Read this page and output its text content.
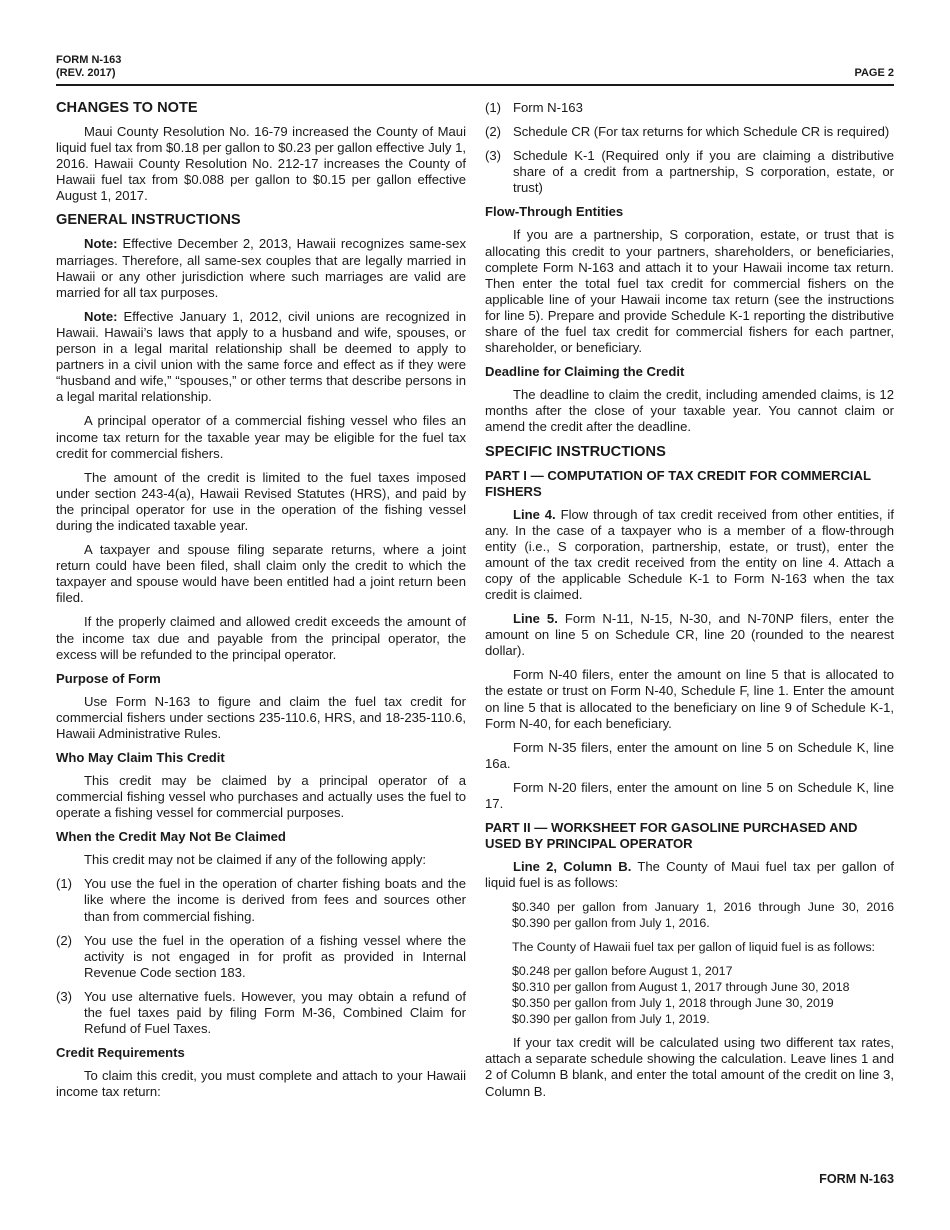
FORM N-163
(REV. 2017)	PAGE 2
CHANGES TO NOTE

Maui County Resolution No. 16-79 increased the County of Maui liquid fuel tax from $0.18 per gallon to $0.23 per gallon effective July 1, 2016. Hawaii County Resolution No. 212-17 increases the County of Hawaii fuel tax from $0.088 per gallon to $0.15 per gallon effective August 1, 2017.

GENERAL INSTRUCTIONS

Note: Effective December 2, 2013, Hawaii recognizes same-sex marriages. Therefore, all same-sex couples that are legally married in Hawaii or any other jurisdiction where such marriages are valid are married for all tax purposes.

Note: Effective January 1, 2012, civil unions are recognized in Hawaii. Hawaii’s laws that apply to a husband and wife, spouses, or person in a legal marital relationship shall be deemed to apply to partners in a civil union with the same force and effect as if they were “husband and wife,” “spouses,” or other terms that describe persons in a legal marital relationship.

A principal operator of a commercial fishing vessel who files an income tax return for the taxable year may be eligible for the fuel tax credit for commercial fishers.

The amount of the credit is limited to the fuel taxes imposed under section 243-4(a), Hawaii Revised Statutes (HRS), and paid by the principal operator for use in the operation of the fishing vessel during the indicated taxable year.

A taxpayer and spouse filing separate returns, where a joint return could have been filed, shall claim only the credit to which the taxpayer and spouse would have been entitled had a joint return been filed.

If the properly claimed and allowed credit exceeds the amount of the income tax due and payable from the principal operator, the excess will be refunded to the principal operator.

Purpose of Form

Use Form N-163 to figure and claim the fuel tax credit for commercial fishers under sections 235-110.6, HRS, and 18-235-110.6, Hawaii Administrative Rules.

Who May Claim This Credit

This credit may be claimed by a principal operator of a commercial fishing vessel who purchases and actually uses the fuel to operate a fishing vessel for commercial purposes.

When the Credit May Not Be Claimed

This credit may not be claimed if any of the following apply:

(1) You use the fuel in the operation of charter fishing boats and the like where the income is derived from fees and sources other than from commercial fishing.
(2) You use the fuel in the operation of a fishing vessel where the activity is not engaged in for profit as provided in Internal Revenue Code section 183.
(3) You use alternative fuels. However, you may obtain a refund of the fuel taxes paid by filing Form M-36, Combined Claim for Refund of Fuel Taxes.
Credit Requirements

To claim this credit, you must complete and attach to your Hawaii income tax return:

(1) Form N-163
(2) Schedule CR (For tax returns for which Schedule CR is required)
(3) Schedule K-1 (Required only if you are claiming a distributive share of a credit from a partnership, S corporation, estate, or trust)
Flow-Through Entities

If you are a partnership, S corporation, estate, or trust that is allocating this credit to your partners, shareholders, or beneficiaries, complete Form N-163 and attach it to your Hawaii income tax return. Then enter the total fuel tax credit for commercial fishers on the applicable line of your Hawaii income tax return (see the instructions for line 5). Prepare and provide Schedule K-1 reporting the distributive share of the fuel tax credit for commercial fishers for each partner, shareholder, or beneficiary.

Deadline for Claiming the Credit

The deadline to claim the credit, including amended claims, is 12 months after the close of your taxable year. You cannot claim or amend the credit after the deadline.

SPECIFIC INSTRUCTIONS
PART I — COMPUTATION OF TAX CREDIT FOR COMMERCIAL FISHERS

Line 4. Flow through of tax credit received from other entities, if any. In the case of a taxpayer who is a member of a flow-through entity (i.e., S corporation, partnership, estate, or trust), enter the amount of the tax credit received from the entity on line 4. Attach a copy of the applicable Schedule K-1 to Form N-163 when the tax credit is claimed.

Line 5. Form N-11, N-15, N-30, and N-70NP filers, enter the amount on line 5 on Schedule CR, line 20 (rounded to the nearest dollar).

Form N-40 filers, enter the amount on line 5 that is allocated to the estate or trust on Form N-40, Schedule F, line 1. Enter the amount on line 5 that is allocated to the beneficiary on line 9 of Schedule K-1, Form N-40, for each beneficiary.

Form N-35 filers, enter the amount on line 5 on Schedule K, line 16a.

Form N-20 filers, enter the amount on line 5 on Schedule K, line 17.

PART II — WORKSHEET FOR GASOLINE PURCHASED AND USED BY PRINCIPAL OPERATOR

Line 2, Column B. The County of Maui fuel tax per gallon of liquid fuel is as follows:

$0.340 per gallon from January 1, 2016 through June 30, 2016
$0.390 per gallon from July 1, 2016.
The County of Hawaii fuel tax per gallon of liquid fuel is as follows:
$0.248 per gallon before August 1, 2017
$0.310 per gallon from August 1, 2017 through June 30, 2018
$0.350 per gallon from July 1, 2018 through June 30, 2019
$0.390 per gallon from July 1, 2019.

If your tax credit will be calculated using two different tax rates, attach a separate schedule showing the calculation. Leave lines 1 and 2 of Column B blank, and enter the total amount of the credit on line 3, Column B.

FORM N-163
